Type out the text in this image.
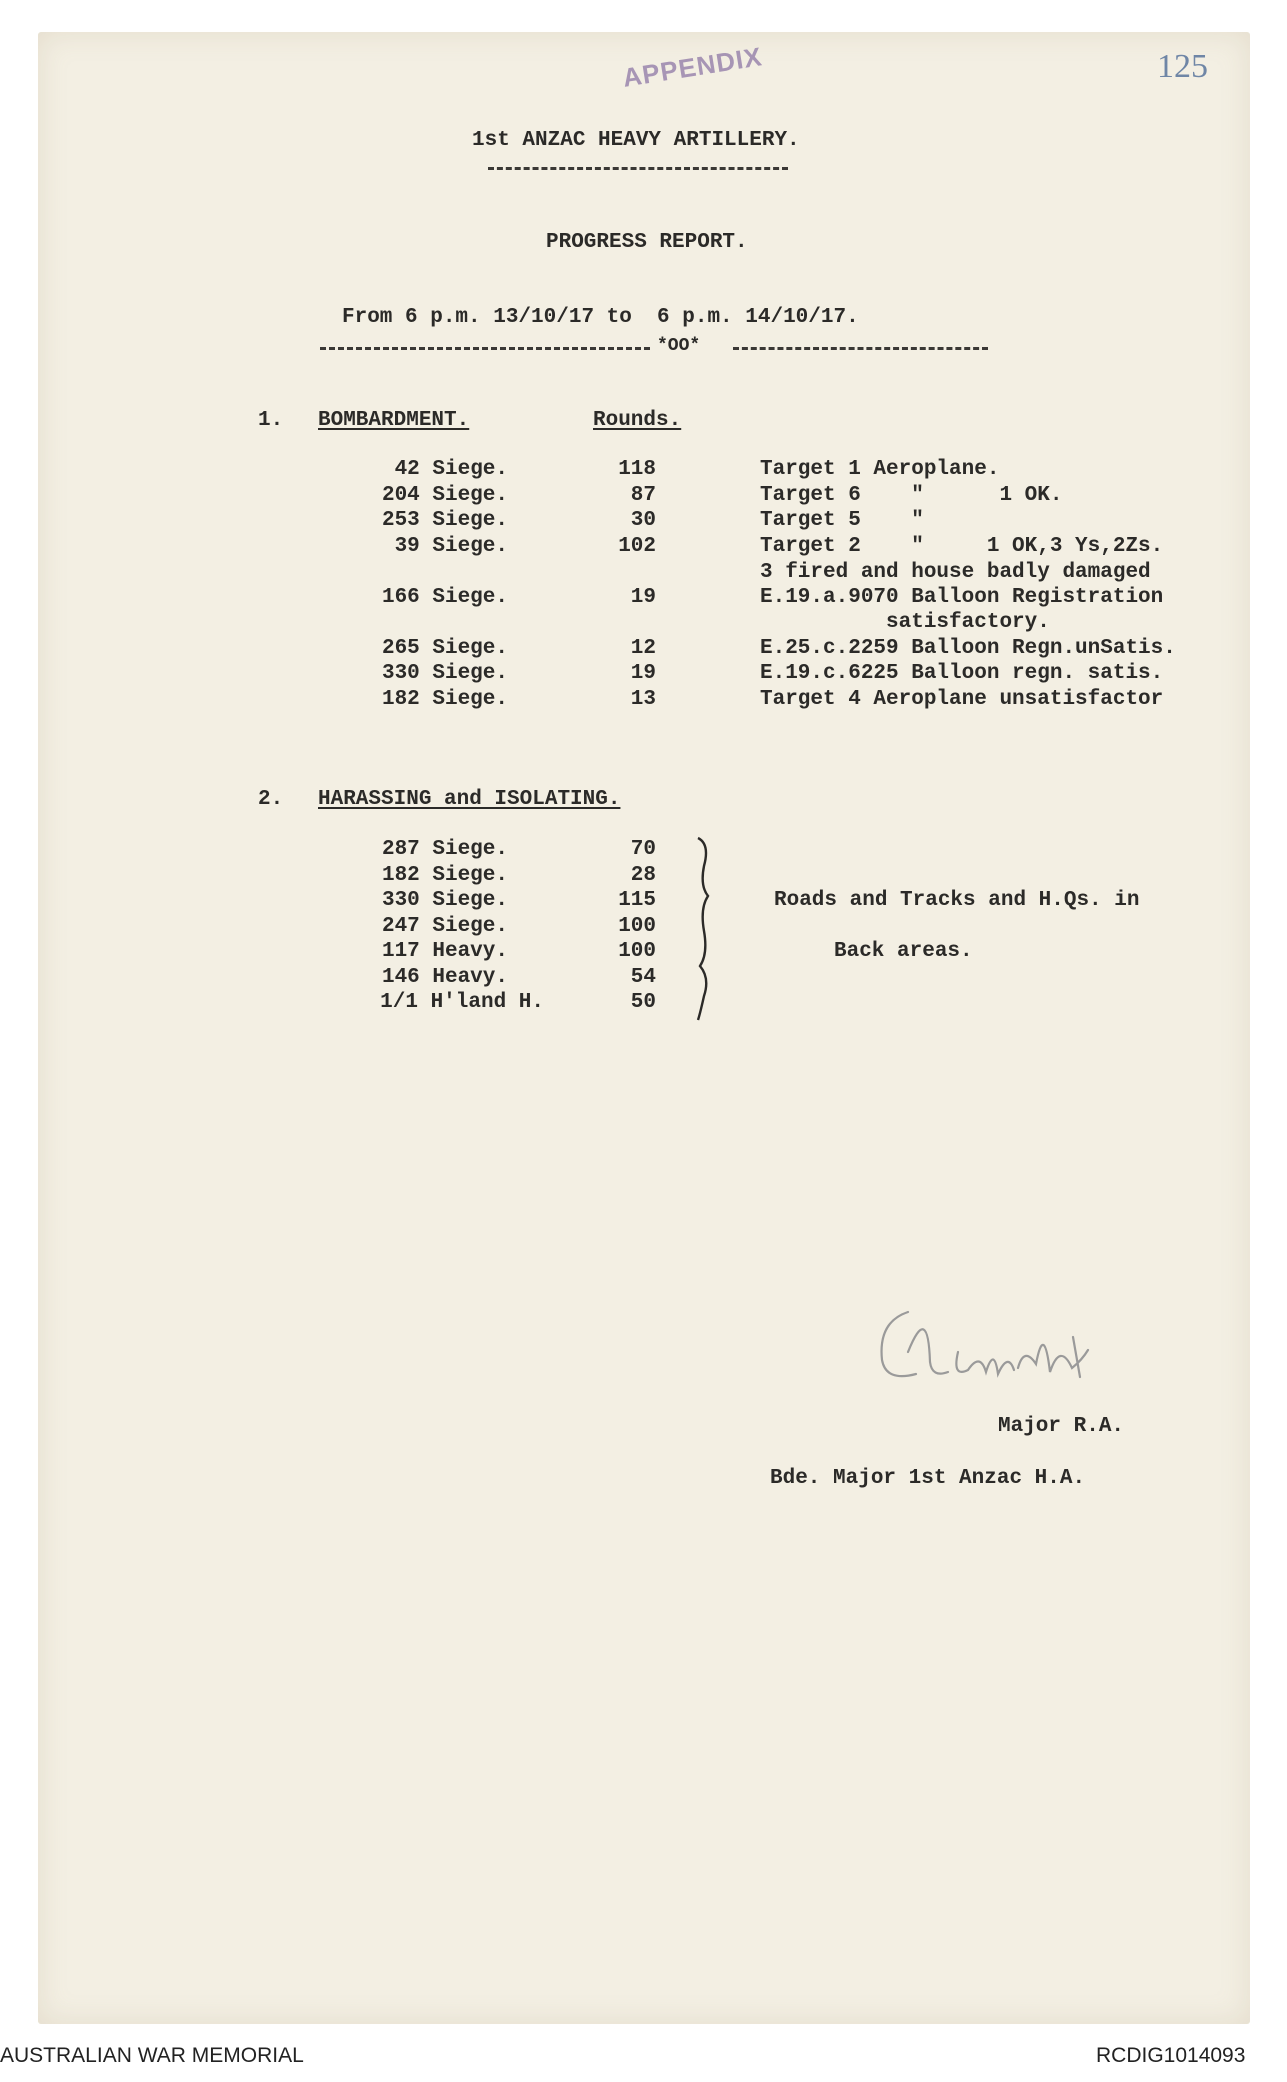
APPENDIX	125
1st ANZAC HEAVY ARTILLERY.
PROGRESS REPORT.
From 6 p.m. 13/10/17 to  6 p.m. 14/10/17.
*OO*
1. BOMBARDMENT.	Rounds.
42 Siege.	118	Target 1 Aeroplane.
204 Siege.	87	Target 6    "      1 OK.
253 Siege.	30	Target 5    "
39 Siege.	102	Target 2    "     1 OK,3 Ys,2Zs.
3 fired and house badly damaged
166 Siege.	19	E.19.a.9070 Balloon Registration
satisfactory.
265 Siege.	12	E.25.c.2259 Balloon Regn.unSatis.
330 Siege.	19	E.19.c.6225 Balloon regn. satis.
182 Siege.	13	Target 4 Aeroplane unsatisfactor
2. HARASSING and ISOLATING.
287 Siege.	70
182 Siege.	28
330 Siege.	115
247 Siege.	100
117 Heavy.	100
146 Heavy.	54
1/1 H'land H.	50
Roads and Tracks and H.Qs. in
Back areas.
Major R.A.
Bde. Major 1st Anzac H.A.
AUSTRALIAN WAR MEMORIAL	RCDIG1014093
